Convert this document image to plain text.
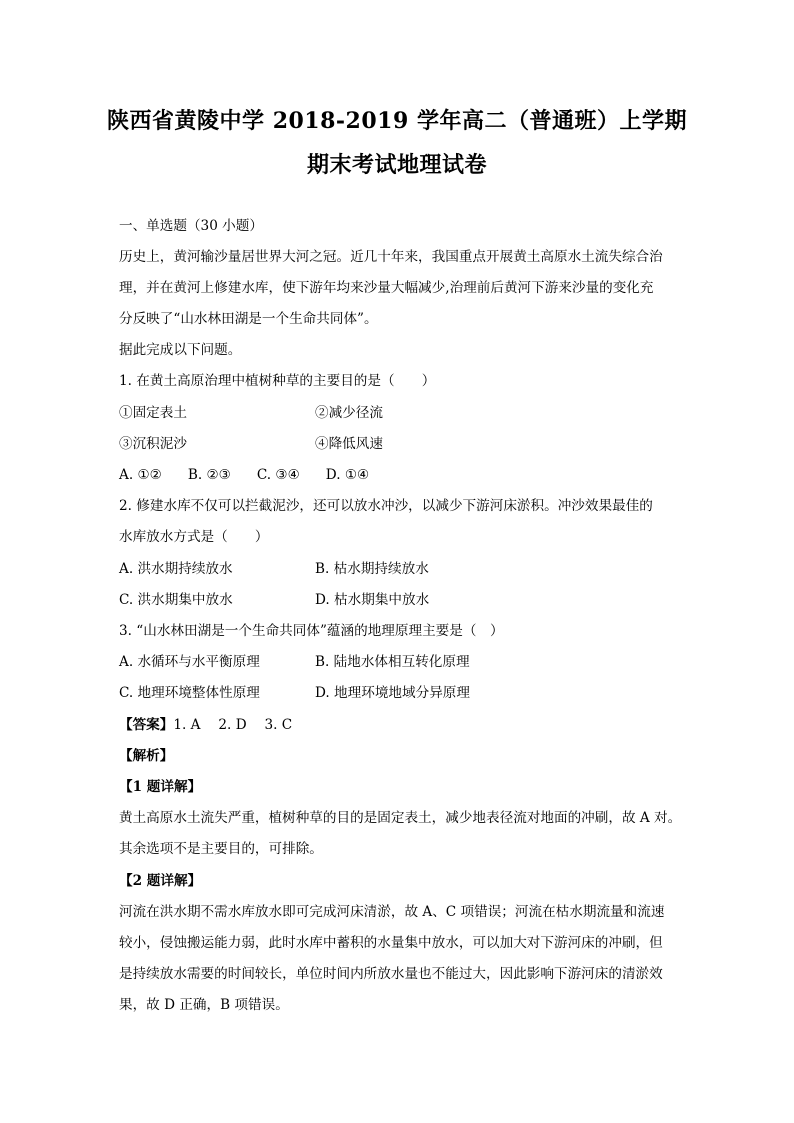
陕西省黄陵中学 2018-2019 学年高二（普通班）上学期
期末考试地理试卷
一、单选题（30 小题）
历史上，黄河输沙量居世界大河之冠。近几十年来，我国重点开展黄土高原水土流失综合治
理，并在黄河上修建水库，使下游年均来沙量大幅减少,治理前后黄河下游来沙量的变化充
分反映了“山水林田湖是一个生命共同体”。
据此完成以下问题。
1. 在黄土高原治理中植树种草的主要目的是（　　）
①固定表土	②减少径流
③沉积泥沙	④降低风速
A. ①② B. ②③ C. ③④ D. ①④
2. 修建水库不仅可以拦截泥沙，还可以放水冲沙，以减少下游河床淤积。冲沙效果最佳的
水库放水方式是（　　）
A. 洪水期持续放水	B. 枯水期持续放水
C. 洪水期集中放水	D. 枯水期集中放水
3. “山水林田湖是一个生命共同体”蕴涵的地理原理主要是（　）
A. 水循环与水平衡原理	B. 陆地水体相互转化原理
C. 地理环境整体性原理	D. 地理环境地域分异原理
【答案】1. A　 2. D　 3. C
【解析】
【1 题详解】
黄土高原水土流失严重，植树种草的目的是固定表土，减少地表径流对地面的冲刷，故 A 对。
其余选项不是主要目的，可排除。
【2 题详解】
河流在洪水期不需水库放水即可完成河床清淤，故 A、C 项错误；河流在枯水期流量和流速
较小，侵蚀搬运能力弱，此时水库中蓄积的水量集中放水，可以加大对下游河床的冲刷，但
是持续放水需要的时间较长，单位时间内所放水量也不能过大，因此影响下游河床的清淤效
果，故 D 正确，B 项错误。
